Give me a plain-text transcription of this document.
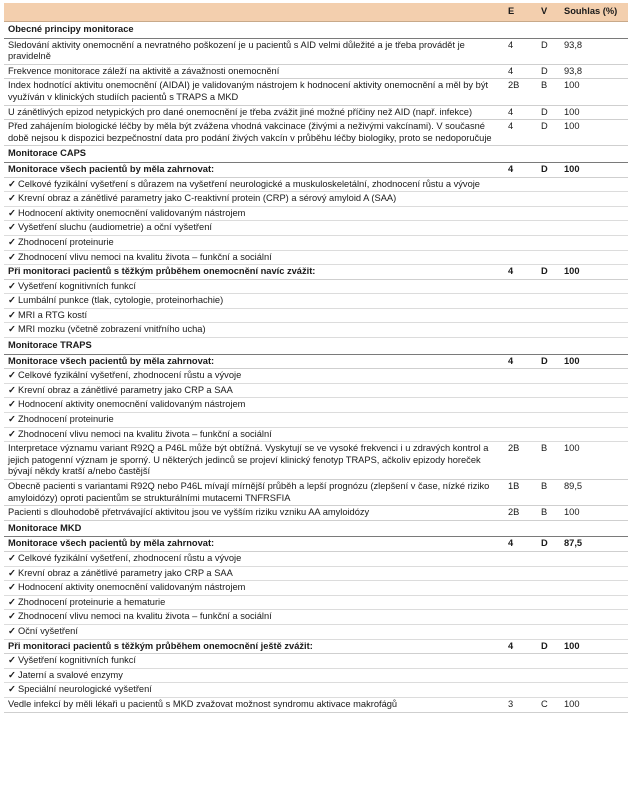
	E	V	Souhlas (%)
Obecné principy monitorace			
Sledování aktivity onemocnění a nevratného poškození je u pacientů s AID velmi důležité a je třeba provádět je pravidelně	4	D	93,8
Frekvence monitorace záleží na aktivitě a závažnosti onemocnění	4	D	93,8
Index hodnotící aktivitu onemocnění (AIDAI) je validovaným nástrojem k hodnocení aktivity onemocnění a měl by být využíván v klinických studiích pacientů s TRAPS a MKD	2B	B	100
U zánětlivých epizod netypických pro dané onemocnění je třeba zvážit jiné možné příčiny než AID (např. infekce)	4	D	100
Před zahájením biologické léčby by měla být zvážena vhodná vakcinace (živými a neživými vakcínami). V současné době nejsou k dispozici bezpečnostní data pro podání živých vakcín v průběhu léčby biologiky, proto se nedoporučuje	4	D	100
Monitorace CAPS			
Monitorace všech pacientů by měla zahrnovat:	4	D	100
✓ Celkové fyzikální vyšetření s důrazem na vyšetření neurologické a muskuloskeletální, zhodnocení růstu a vývoje			
✓ Krevní obraz a zánětlivé parametry jako C-reaktivní protein (CRP) a sérový amyloid A (SAA)			
✓ Hodnocení aktivity onemocnění validovaným nástrojem			
✓ Vyšetření sluchu (audiometrie) a oční vyšetření			
✓ Zhodnocení proteinurie			
✓ Zhodnocení vlivu nemoci na kvalitu života – funkční a sociální			
Při monitoraci pacientů s těžkým průběhem onemocnění navíc zvážit:	4	D	100
✓ Vyšetření kognitivních funkcí			
✓ Lumbální punkce (tlak, cytologie, proteinorhachie)			
✓ MRI a RTG kostí			
✓ MRI mozku (včetně zobrazení vnitřního ucha)			
Monitorace TRAPS			
Monitorace všech pacientů by měla zahrnovat:	4	D	100
✓ Celkové fyzikální vyšetření, zhodnocení růstu a vývoje			
✓ Krevní obraz a zánětlivé parametry jako CRP a SAA			
✓ Hodnocení aktivity onemocnění validovaným nástrojem			
✓ Zhodnocení proteinurie			
✓ Zhodnocení vlivu nemoci na kvalitu života – funkční a sociální			
Interpretace významu variant R92Q a P46L může být obtížná. Vyskytují se ve vysoké frekvenci i u zdravých kontrol a jejich patogenní význam je sporný. U některých jedinců se projeví klinický fenotyp TRAPS, ačkoliv epizody horeček bývají někdy kratší a/nebo častější	2B	B	100
Obecně pacienti s variantami R92Q nebo P46L mívají mírnější průběh a lepší prognózu (zlepšení v čase, nízké riziko amyloidózy) oproti pacientům se strukturálními mutacemi TNFRSFIA	1B	B	89,5
Pacienti s dlouhodobě přetrvávající aktivitou jsou ve vyšším riziku vzniku AA amyloidózy	2B	B	100
Monitorace MKD			
Monitorace všech pacientů by měla zahrnovat:	4	D	87,5
✓ Celkové fyzikální vyšetření, zhodnocení růstu a vývoje			
✓ Krevní obraz a zánětlivé parametry jako CRP a SAA			
✓ Hodnocení aktivity onemocnění validovaným nástrojem			
✓ Zhodnocení proteinurie a hematurie			
✓ Zhodnocení vlivu nemoci na kvalitu života – funkční a sociální			
✓ Oční vyšetření			
Při monitoraci pacientů s těžkým průběhem onemocnění ještě zvážit:	4	D	100
✓ Vyšetření kognitivních funkcí			
✓ Jaterní a svalové enzymy			
✓ Speciální neurologické vyšetření			
Vedle infekcí by měli lékaři u pacientů s MKD zvažovat možnost syndromu aktivace makrofágů	3	C	100
